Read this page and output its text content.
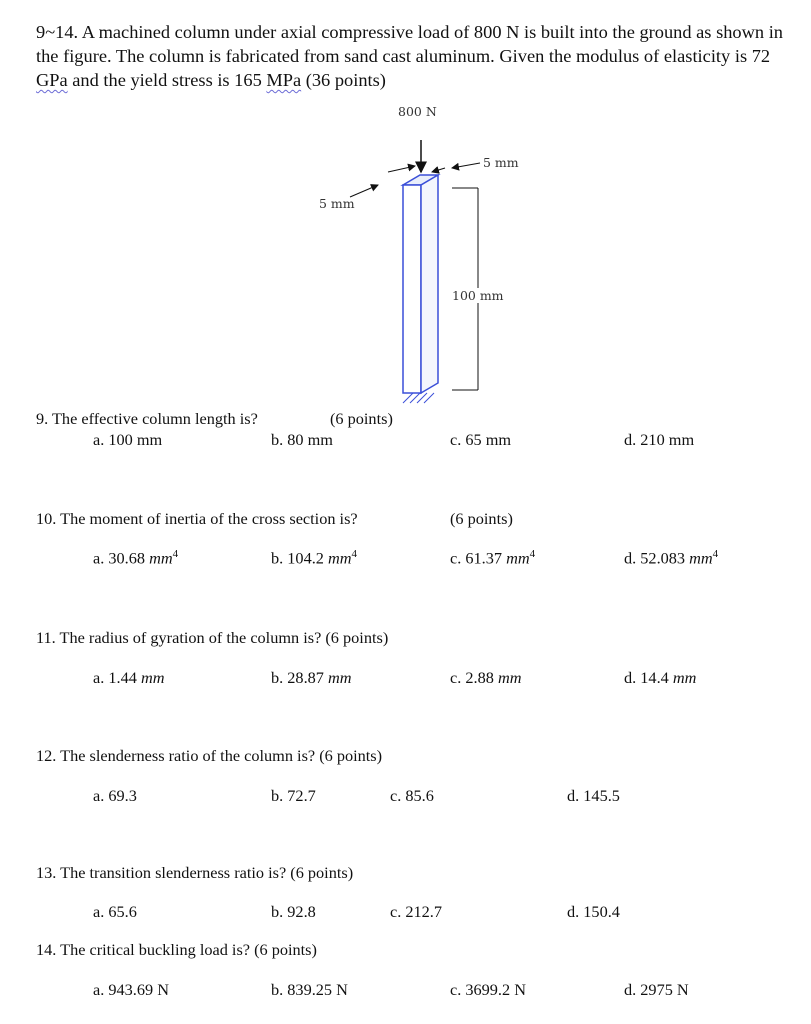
9~14. A machined column under axial compressive load of 800 N is built into the ground as shown in the figure. The column is fabricated from sand cast aluminum. Given the modulus of elasticity is 72 GPa and the yield stress is 165 MPa (36 points)
800 N
5 mm
5 mm
100 mm
9. The effective column length is?	(6 points)
a. 100 mm	b. 80 mm	c. 65 mm	d. 210 mm
10. The moment of inertia of the cross section is?	(6 points)
a. 30.68 $mm^4$	b. 104.2 $mm^4$	c. 61.37 $mm^4$	d. 52.083 $mm^4$
11. The radius of gyration of the column is? (6 points)
a. 1.44 mm	b. 28.87 mm	c. 2.88 mm	d. 14.4 mm
12. The slenderness ratio of the column is? (6 points)
a. 69.3	b. 72.7	c. 85.6	d. 145.5
13. The transition slenderness ratio is? (6 points)
a. 65.6	b. 92.8	c. 212.7	d. 150.4
14. The critical buckling load is? (6 points)
a. 943.69 N	b. 839.25 N	c. 3699.2 N	d. 2975 N
